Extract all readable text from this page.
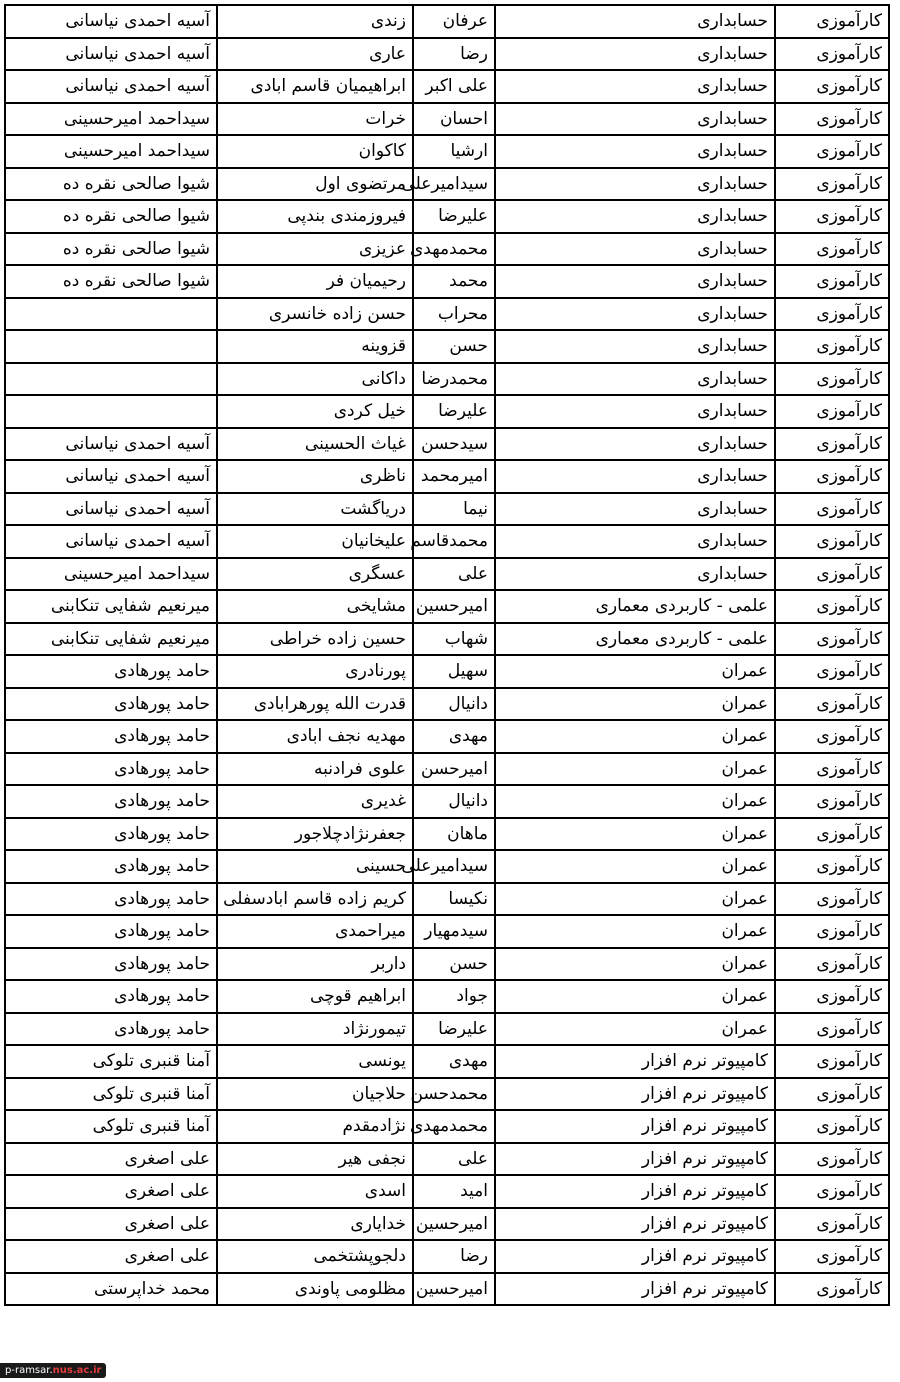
کارآموزی	حسابداری	عرفان	زندی	آسیه احمدی نیاسانی
کارآموزی	حسابداری	رضا	عاری	آسیه احمدی نیاسانی
کارآموزی	حسابداری	علی اکبر	ابراهیمیان قاسم ابادی	آسیه احمدی نیاسانی
کارآموزی	حسابداری	احسان	خرات	سیداحمد امیرحسینی
کارآموزی	حسابداری	ارشیا	کاکوان	سیداحمد امیرحسینی
کارآموزی	حسابداری	سیدامیرعلی	مرتضوی اول	شیوا صالحی نقره ده
کارآموزی	حسابداری	علیرضا	فیروزمندی بندپی	شیوا صالحی نقره ده
کارآموزی	حسابداری	محمدمهدی	عزیزی	شیوا صالحی نقره ده
کارآموزی	حسابداری	محمد	رحیمیان فر	شیوا صالحی نقره ده
کارآموزی	حسابداری	محراب	حسن زاده خانسری	
کارآموزی	حسابداری	حسن	قزوینه	
کارآموزی	حسابداری	محمدرضا	داکانی	
کارآموزی	حسابداری	علیرضا	خیل کردی	
کارآموزی	حسابداری	سیدحسن	غیاث الحسینی	آسیه احمدی نیاسانی
کارآموزی	حسابداری	امیرمحمد	ناظری	آسیه احمدی نیاسانی
کارآموزی	حسابداری	نیما	دریاگشت	آسیه احمدی نیاسانی
کارآموزی	حسابداری	محمدقاسم	علیخانیان	آسیه احمدی نیاسانی
کارآموزی	حسابداری	علی	عسگری	سیداحمد امیرحسینی
کارآموزی	علمی - کاربردی معماری	امیرحسین	مشایخی	میرنعیم شفایی تنکابنی
کارآموزی	علمی - کاربردی معماری	شهاب	حسین زاده خراطی	میرنعیم شفایی تنکابنی
کارآموزی	عمران	سهیل	پورنادری	حامد پورهادی
کارآموزی	عمران	دانیال	قدرت الله پورهرابادی	حامد پورهادی
کارآموزی	عمران	مهدی	مهدیه نجف ابادی	حامد پورهادی
کارآموزی	عمران	امیرحسن	علوی فرادنبه	حامد پورهادی
کارآموزی	عمران	دانیال	غدیری	حامد پورهادی
کارآموزی	عمران	ماهان	جعفرنژادچلاجور	حامد پورهادی
کارآموزی	عمران	سیدامیرعلی	حسینی	حامد پورهادی
کارآموزی	عمران	نکیسا	کریم زاده قاسم ابادسفلی	حامد پورهادی
کارآموزی	عمران	سیدمهیار	میراحمدی	حامد پورهادی
کارآموزی	عمران	حسن	داربر	حامد پورهادی
کارآموزی	عمران	جواد	ابراهیم قوچی	حامد پورهادی
کارآموزی	عمران	علیرضا	تیمورنژاد	حامد پورهادی
کارآموزی	کامپیوتر نرم افزار	مهدی	یونسی	آمنا قنبری تلوکی
کارآموزی	کامپیوتر نرم افزار	محمدحسن	حلاجیان	آمنا قنبری تلوکی
کارآموزی	کامپیوتر نرم افزار	محمدمهدی	نژادمقدم	آمنا قنبری تلوکی
کارآموزی	کامپیوتر نرم افزار	علی	نجفی هیر	علی اصغری
کارآموزی	کامپیوتر نرم افزار	امید	اسدی	علی اصغری
کارآموزی	کامپیوتر نرم افزار	امیرحسین	خدایاری	علی اصغری
کارآموزی	کامپیوتر نرم افزار	رضا	دلجوپشتخمی	علی اصغری
کارآموزی	کامپیوتر نرم افزار	امیرحسین	مظلومی پاوندی	محمد خداپرستی
p-ramsar.nus.ac.ir
